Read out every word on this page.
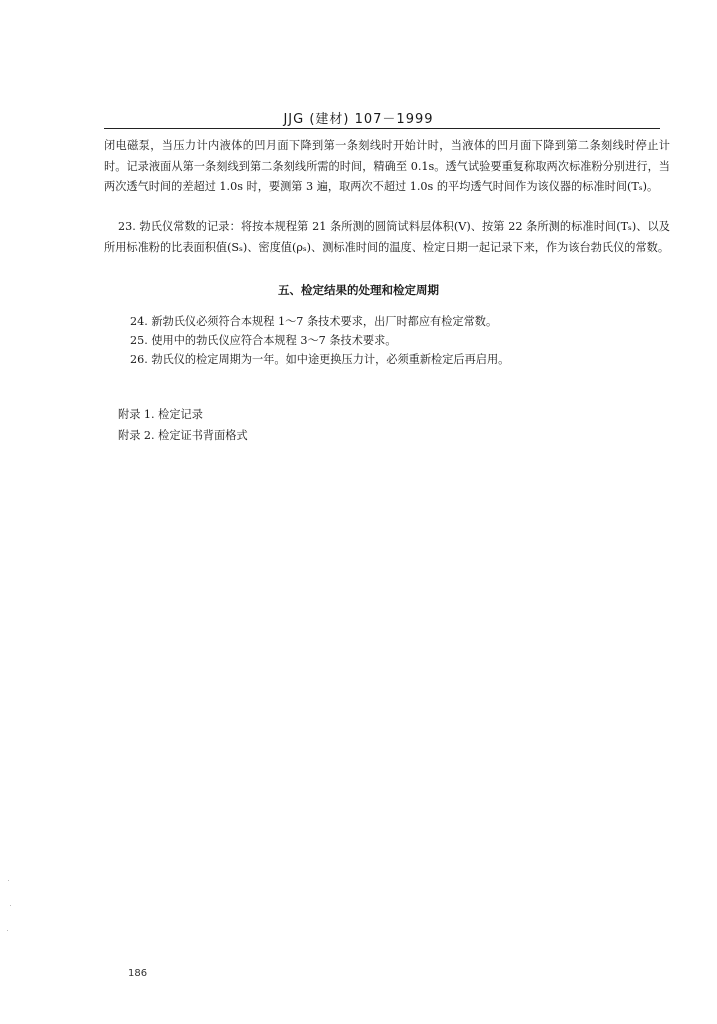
JJG (建材) 107－1999

闭电磁泵，当压力计内液体的凹月面下降到第一条刻线时开始计时，当液体的凹月面下降到第二条刻线时停止计时。记录液面从第一条刻线到第二条刻线所需的时间，精确至 0.1s。透气试验要重复称取两次标准粉分别进行，当两次透气时间的差超过 1.0s 时，要测第 3 遍，取两次不超过 1.0s 的平均透气时间作为该仪器的标准时间(Tₛ)。

23. 勃氏仪常数的记录：将按本规程第 21 条所测的圆筒试料层体积(V)、按第 22 条所测的标准时间(Tₛ)、以及所用标准粉的比表面积值(Sₛ)、密度值(ρₛ)、测标准时间的温度、检定日期一起记录下来，作为该台勃氏仪的常数。

五、检定结果的处理和检定周期

24. 新勃氏仪必须符合本规程 1～7 条技术要求，出厂时都应有检定常数。

25. 使用中的勃氏仪应符合本规程 3～7 条技术要求。

26. 勃氏仪的检定周期为一年。如中途更换压力计，必须重新检定后再启用。

附录 1. 检定记录
附录 2. 检定证书背面格式
186
